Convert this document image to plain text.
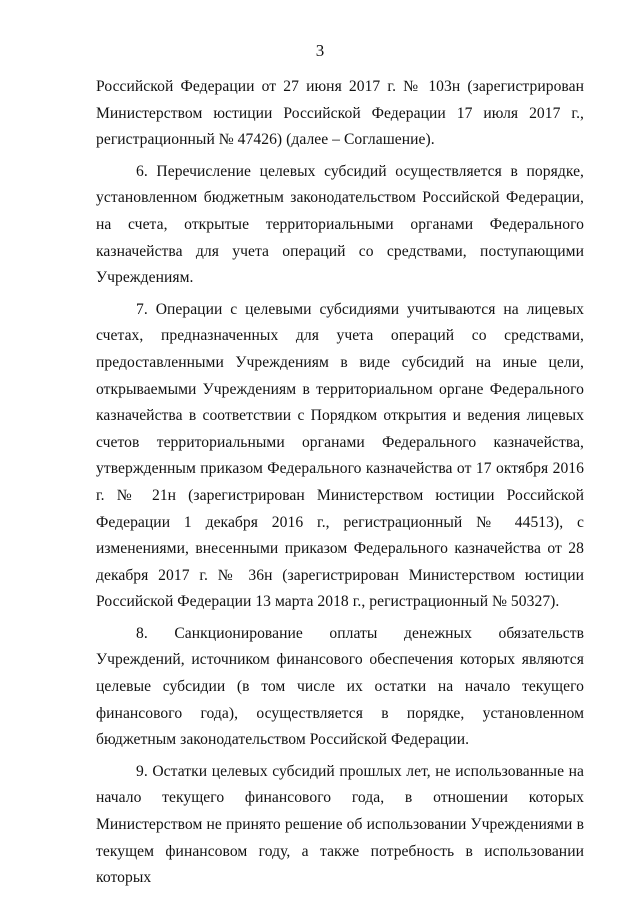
3

Российской Федерации от 27 июня 2017 г. № 103н (зарегистрирован Министерством юстиции Российской Федерации 17 июля 2017 г., регистрационный № 47426) (далее – Соглашение).

6. Перечисление целевых субсидий осуществляется в порядке, установленном бюджетным законодательством Российской Федерации, на счета, открытые территориальными органами Федерального казначейства для учета операций со средствами, поступающими Учреждениям.

7. Операции с целевыми субсидиями учитываются на лицевых счетах, предназначенных для учета операций со средствами, предоставленными Учреждениям в виде субсидий на иные цели, открываемыми Учреждениям в территориальном органе Федерального казначейства в соответствии с Порядком открытия и ведения лицевых счетов территориальными органами Федерального казначейства, утвержденным приказом Федерального казначейства от 17 октября 2016 г. № 21н (зарегистрирован Министерством юстиции Российской Федерации 1 декабря 2016 г., регистрационный № 44513), с изменениями, внесенными приказом Федерального казначейства от 28 декабря 2017 г. № 36н (зарегистрирован Министерством юстиции Российской Федерации 13 марта 2018 г., регистрационный № 50327).

8. Санкционирование оплаты денежных обязательств Учреждений, источником финансового обеспечения которых являются целевые субсидии (в том числе их остатки на начало текущего финансового года), осуществляется в порядке, установленном бюджетным законодательством Российской Федерации.

9. Остатки целевых субсидий прошлых лет, не использованные на начало текущего финансового года, в отношении которых Министерством не принято решение об использовании Учреждениями в текущем финансовом году, а также потребность в использовании которых
